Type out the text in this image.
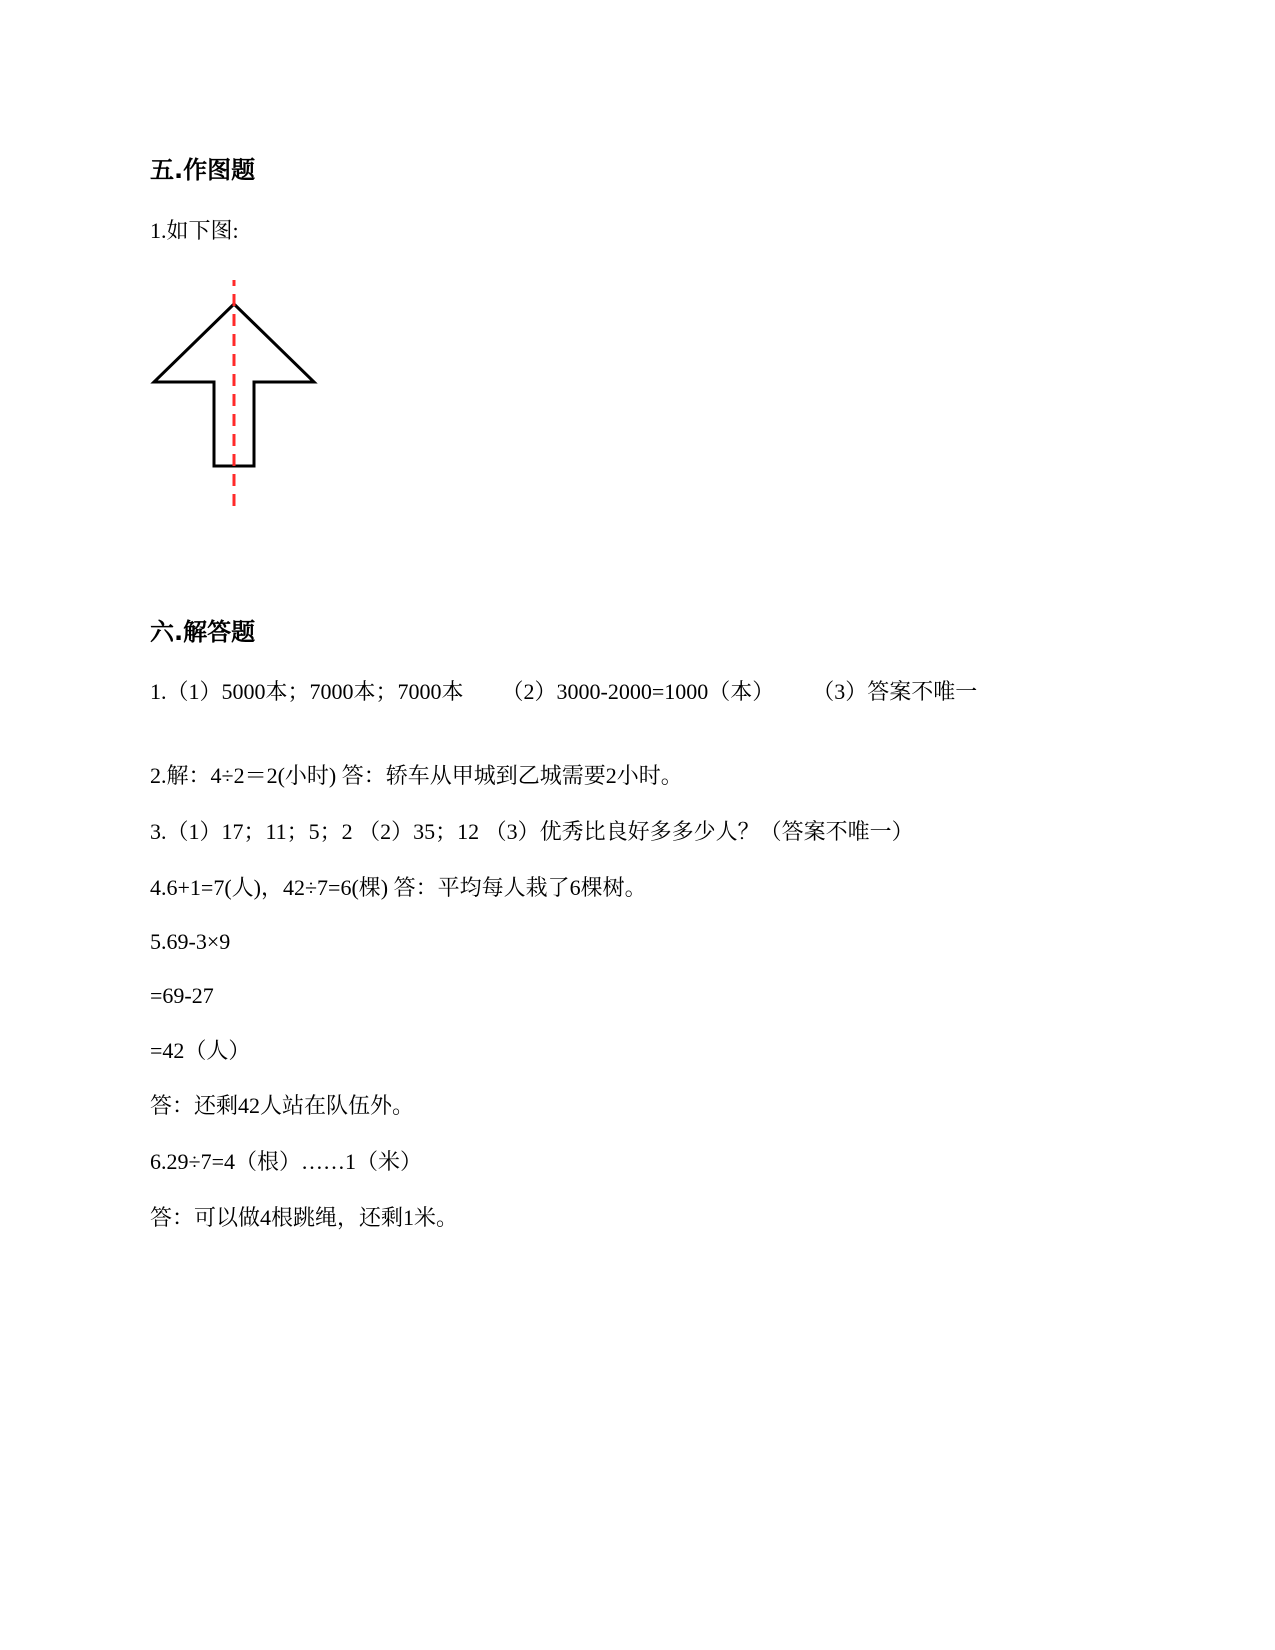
五.作图题
1.如下图:
六.解答题
1.（1）5000本；7000本；7000本 （2）3000-2000=1000（本） （3）答案不唯一
2.解：4÷2＝2(小时) 答：轿车从甲城到乙城需要2小时。
3.（1）17；11；5；2 （2）35；12 （3）优秀比良好多多少人？（答案不唯一）
4.6+1=7(人)，42÷7=6(棵) 答：平均每人栽了6棵树。
5.69-3×9
=69-27
=42（人）
答：还剩42人站在队伍外。
6.29÷7=4（根）……1（米）
答：可以做4根跳绳，还剩1米。
